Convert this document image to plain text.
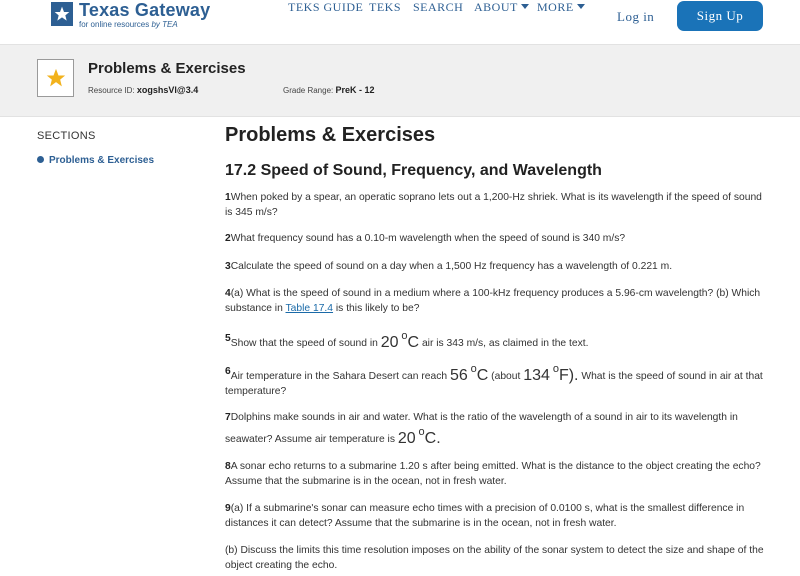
Texas Gateway
for online resources by TEA
TEKS GUIDE TEKS SEARCH ABOUT	MORE
Log in	Sign Up
Problems & Exercises
Resource ID: xogshsVl@3.4	Grade Range: PreK - 12
SECTIONS
Problems & Exercises
Problems & Exercises
17.2 Speed of Sound, Frequency, and Wavelength
1When poked by a spear, an operatic soprano lets out a 1,200-Hz shriek. What is its wavelength if the speed of sound is 345 m/s?
2What frequency sound has a 0.10-m wavelength when the speed of sound is 340 m/s?
3Calculate the speed of sound on a day when a 1,500 Hz frequency has a wavelength of 0.221 m.
4(a) What is the speed of sound in a medium where a 100-kHz frequency produces a 5.96-cm wavelength? (b) Which substance in Table 17.4 is this likely to be?
5Show that the speed of sound in 20 oC air is 343 m/s, as claimed in the text.
6Air temperature in the Sahara Desert can reach 56 oC (about 134 oF). What is the speed of sound in air at that temperature?
7Dolphins make sounds in air and water. What is the ratio of the wavelength of a sound in air to its wavelength in seawater? Assume air temperature is 20 oC.
8A sonar echo returns to a submarine 1.20 s after being emitted. What is the distance to the object creating the echo? Assume that the submarine is in the ocean, not in fresh water.
9(a) If a submarine's sonar can measure echo times with a precision of 0.0100 s, what is the smallest difference in distances it can detect? Assume that the submarine is in the ocean, not in fresh water.
(b) Discuss the limits this time resolution imposes on the ability of the sonar system to detect the size and shape of the object creating the echo.
